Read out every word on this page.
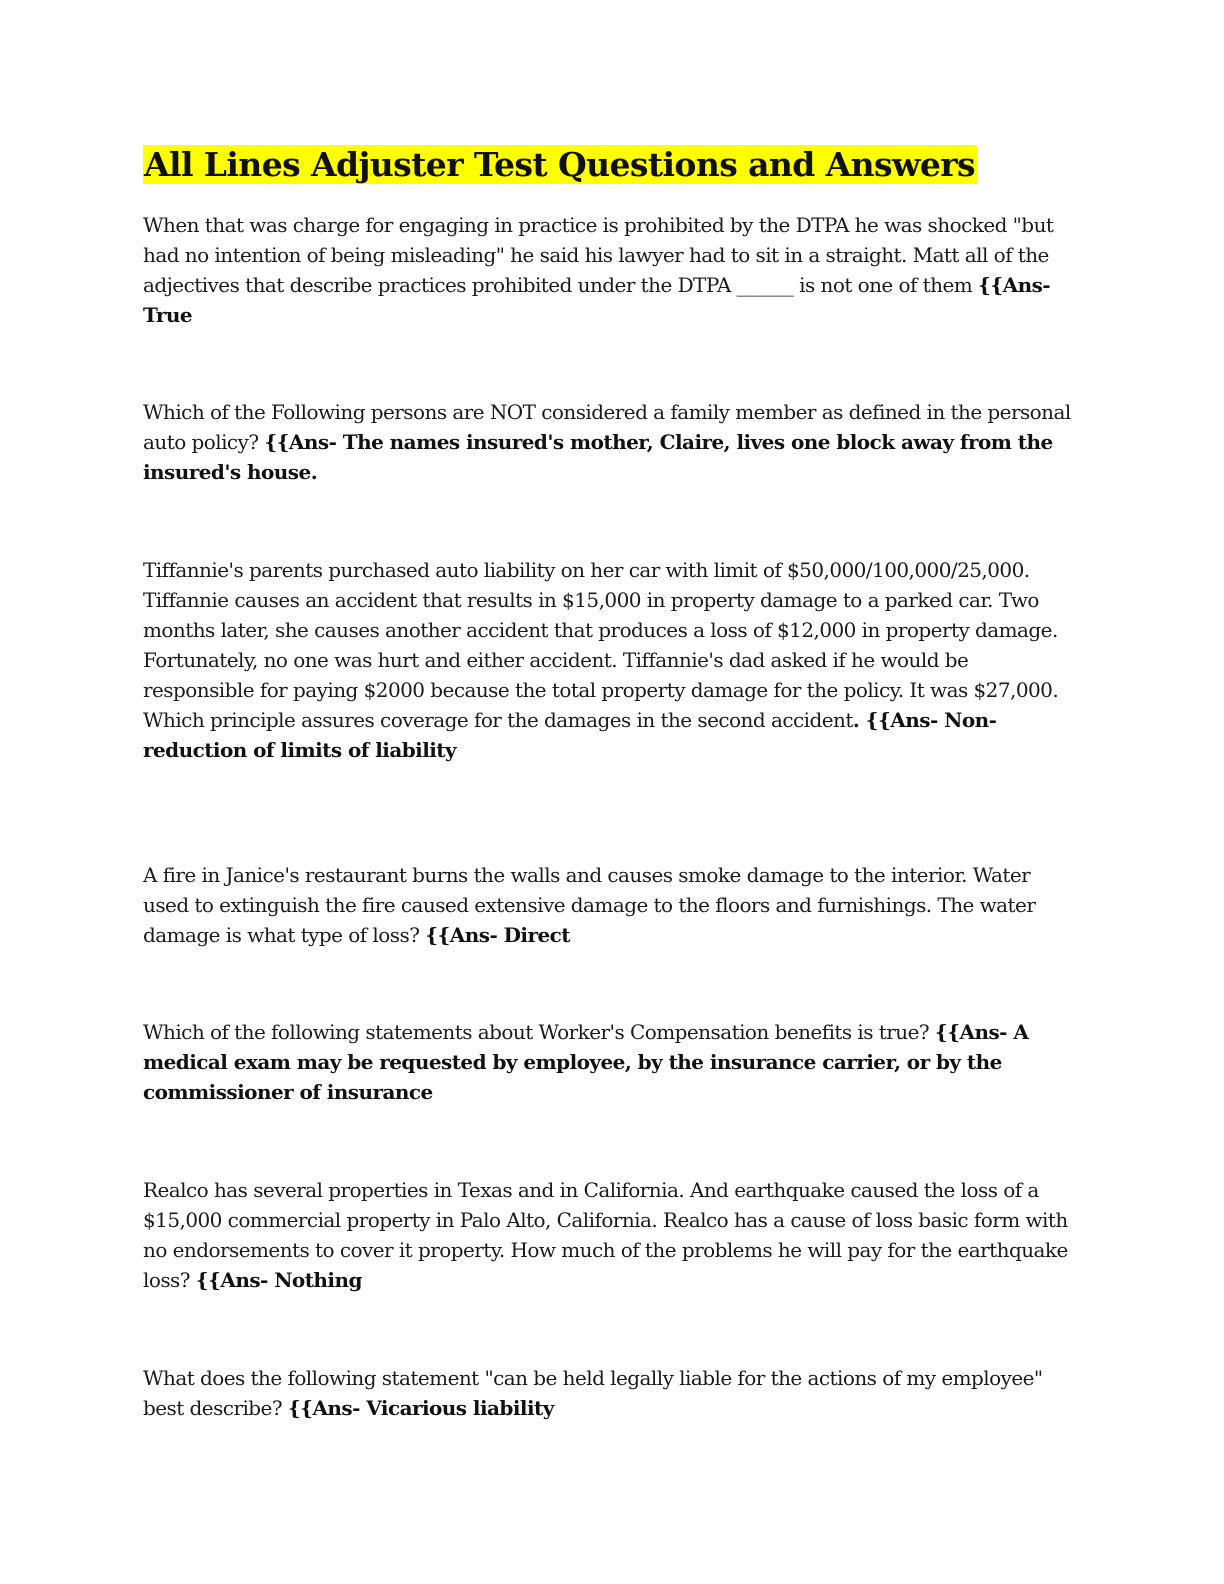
All Lines Adjuster Test Questions and Answers

When that was charge for engaging in practice is prohibited by the DTPA he was shocked "but had no intention of being misleading" he said his lawyer had to sit in a straight. Matt all of the adjectives that describe practices prohibited under the DTPA ______ is not one of them {{Ans- True

Which of the Following persons are NOT considered a family member as defined in the personal auto policy? {{Ans- The names insured's mother, Claire, lives one block away from the insured's house.

Tiffannie's parents purchased auto liability on her car with limit of $50,000/100,000/25,000. Tiffannie causes an accident that results in $15,000 in property damage to a parked car. Two months later, she causes another accident that produces a loss of $12,000 in property damage. Fortunately, no one was hurt and either accident. Tiffannie's dad asked if he would be responsible for paying $2000 because the total property damage for the policy. It was $27,000. Which principle assures coverage for the damages in the second accident. {{Ans- Non-reduction of limits of liability

A fire in Janice's restaurant burns the walls and causes smoke damage to the interior. Water used to extinguish the fire caused extensive damage to the floors and furnishings. The water damage is what type of loss? {{Ans- Direct

Which of the following statements about Worker's Compensation benefits is true? {{Ans- A medical exam may be requested by employee, by the insurance carrier, or by the commissioner of insurance

Realco has several properties in Texas and in California. And earthquake caused the loss of a $15,000 commercial property in Palo Alto, California. Realco has a cause of loss basic form with no endorsements to cover it property. How much of the problems he will pay for the earthquake loss? {{Ans- Nothing

What does the following statement "can be held legally liable for the actions of my employee" best describe? {{Ans- Vicarious liability
